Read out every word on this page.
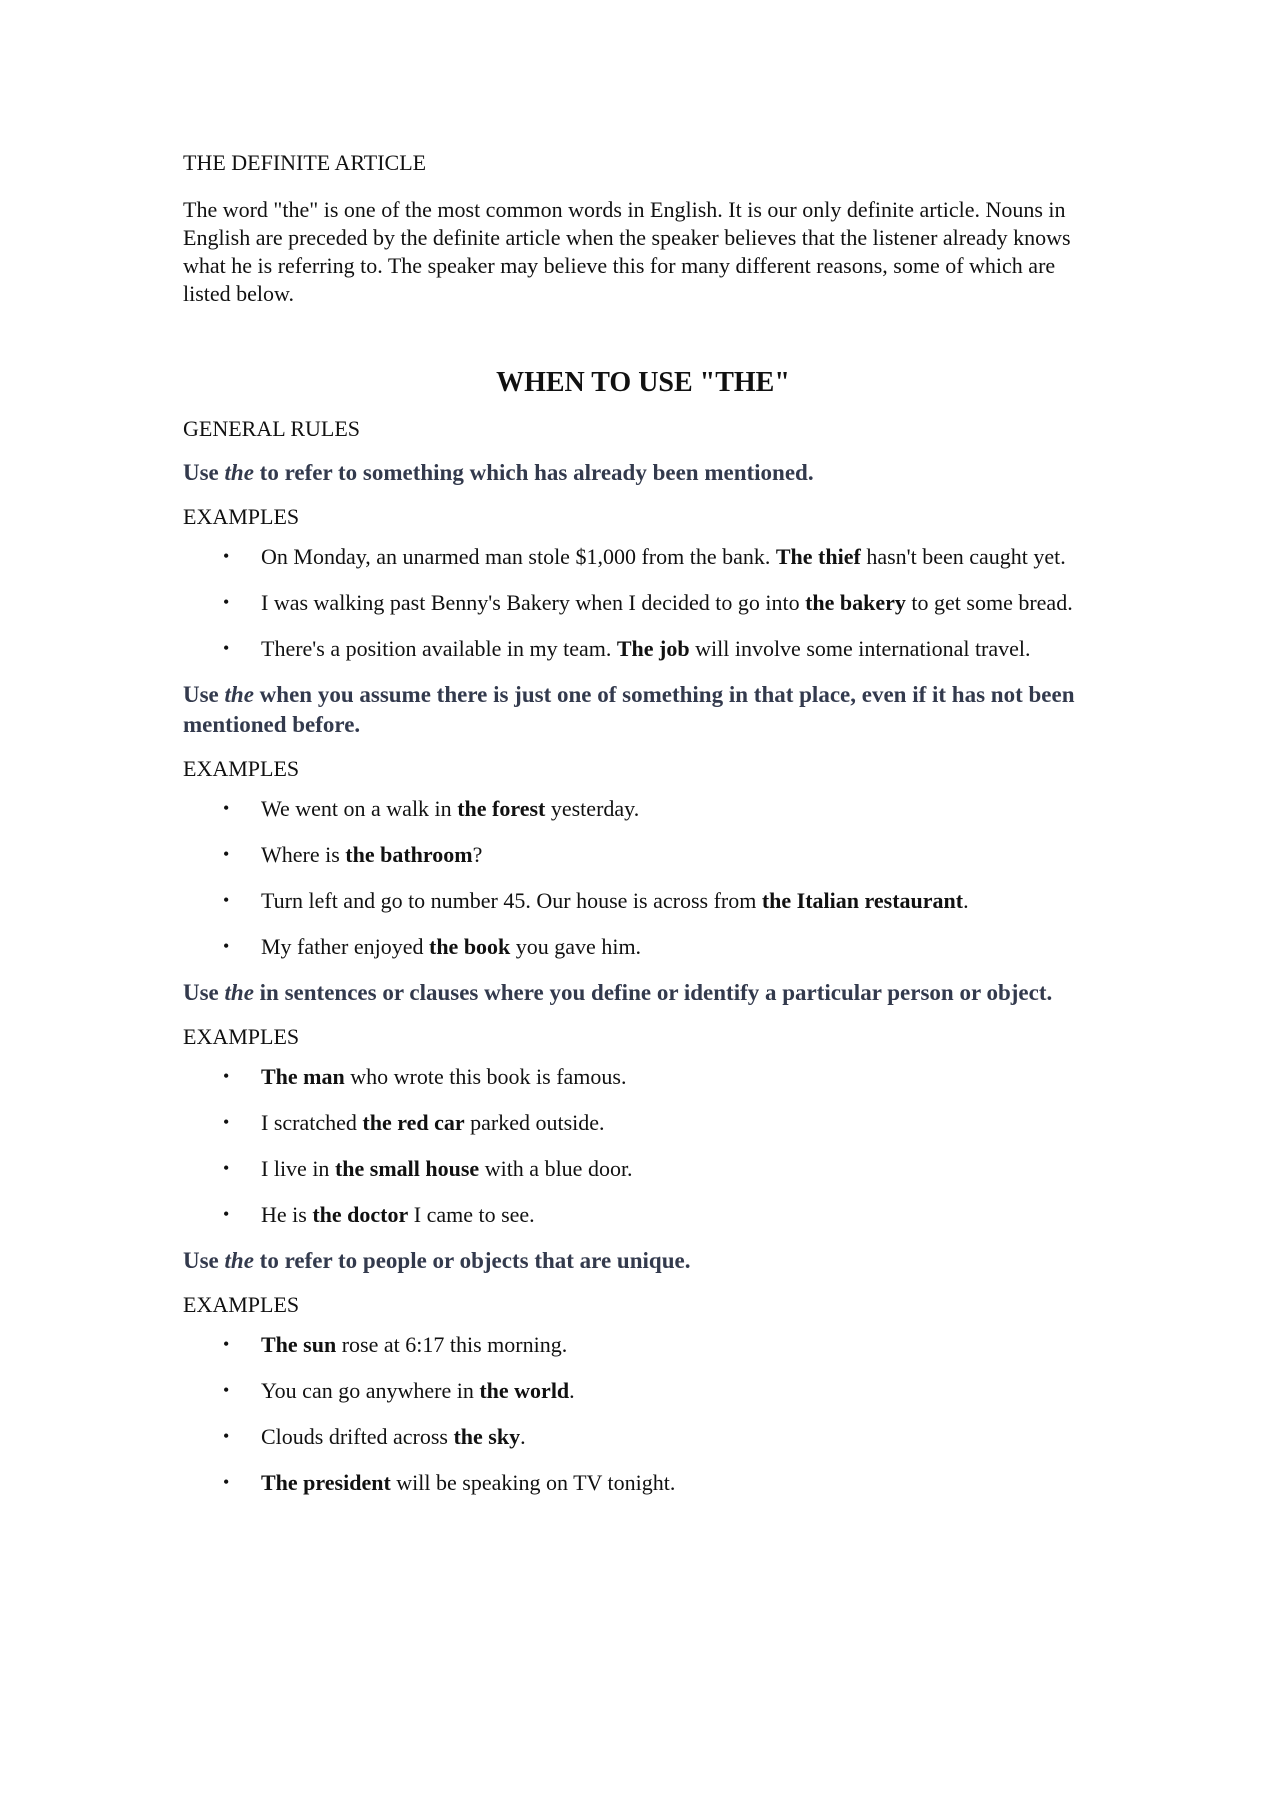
THE DEFINITE ARTICLE

The word "the" is one of the most common words in English. It is our only definite article. Nouns in English are preceded by the definite article when the speaker believes that the listener already knows what he is referring to. The speaker may believe this for many different reasons, some of which are listed below.

WHEN TO USE "THE"
GENERAL RULES
Use the to refer to something which has already been mentioned.
EXAMPLES
• On Monday, an unarmed man stole $1,000 from the bank. The thief hasn't been caught yet.
• I was walking past Benny's Bakery when I decided to go into the bakery to get some bread.
• There's a position available in my team. The job will involve some international travel.
Use the when you assume there is just one of something in that place, even if it has not been mentioned before.
EXAMPLES
• We went on a walk in the forest yesterday.
• Where is the bathroom?
• Turn left and go to number 45. Our house is across from the Italian restaurant.
• My father enjoyed the book you gave him.
Use the in sentences or clauses where you define or identify a particular person or object.
EXAMPLES
• The man who wrote this book is famous.
• I scratched the red car parked outside.
• I live in the small house with a blue door.
• He is the doctor I came to see.
Use the to refer to people or objects that are unique.
EXAMPLES
• The sun rose at 6:17 this morning.
• You can go anywhere in the world.
• Clouds drifted across the sky.
• The president will be speaking on TV tonight.
